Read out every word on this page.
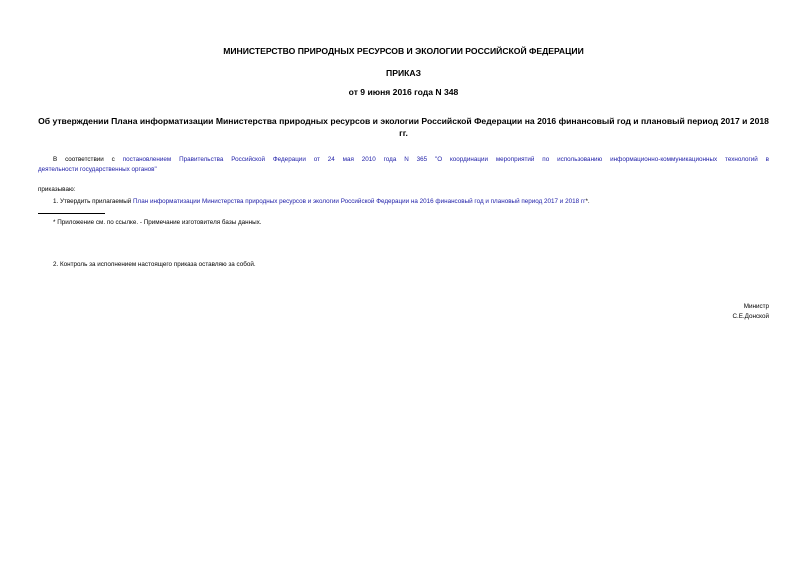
МИНИСТЕРСТВО ПРИРОДНЫХ РЕСУРСОВ И ЭКОЛОГИИ РОССИЙСКОЙ ФЕДЕРАЦИИ
ПРИКАЗ
от 9 июня 2016 года N 348
Об утверждении Плана информатизации Министерства природных ресурсов и экологии Российской Федерации на 2016 финансовый год и плановый период 2017 и 2018 гг.
В соответствии с постановлением Правительства Российской Федерации от 24 мая 2010 года N 365 "О координации мероприятий по использованию информационно-коммуникационных технологий в
деятельности государственных органов"
приказываю:
1. Утвердить прилагаемый План информатизации Министерства природных ресурсов и экологии Российской Федерации на 2016 финансовый год и плановый период 2017 и 2018 гг*.
* Приложение см. по ссылке. - Примечание изготовителя базы данных.
2. Контроль за исполнением настоящего приказа оставляю за собой.
Министр
С.Е.Донской
